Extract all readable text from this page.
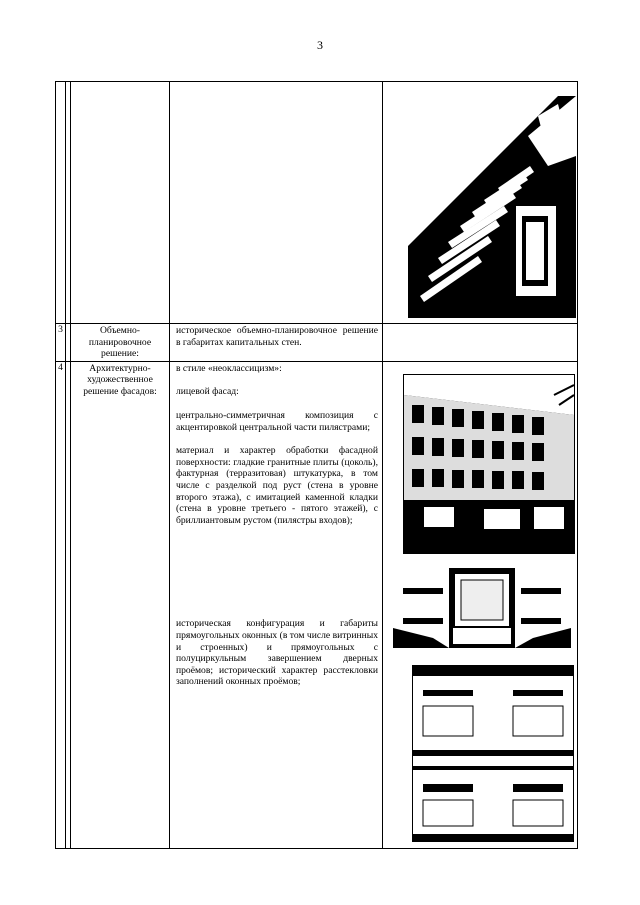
3

3		Объемно-планировочное решение:	историческое объемно-планировочное решение в габаритах капитальных стен.	

4		Архитектурно-художественное решение фасадов:	в стиле «неоклассицизм»:

лицевой фасад:

центрально-симметричная композиция с акцентировкой центральной части пилястрами;

материал и характер обработки фасадной поверхности: гладкие гранитные плиты (цоколь), фактурная (терразитовая) штукатурка, в том числе с разделкой под руст (стена в уровне второго этажа), с имитацией каменной кладки (стена в уровне третьего - пятого этажей), с бриллиантовым рустом (пилястры входов);

историческая конфигурация и габариты прямоугольных оконных (в том числе витринных и строенных) и прямоугольных с полуциркульным завершением дверных проёмов; исторический характер расстекловки заполнений оконных проёмов;	
